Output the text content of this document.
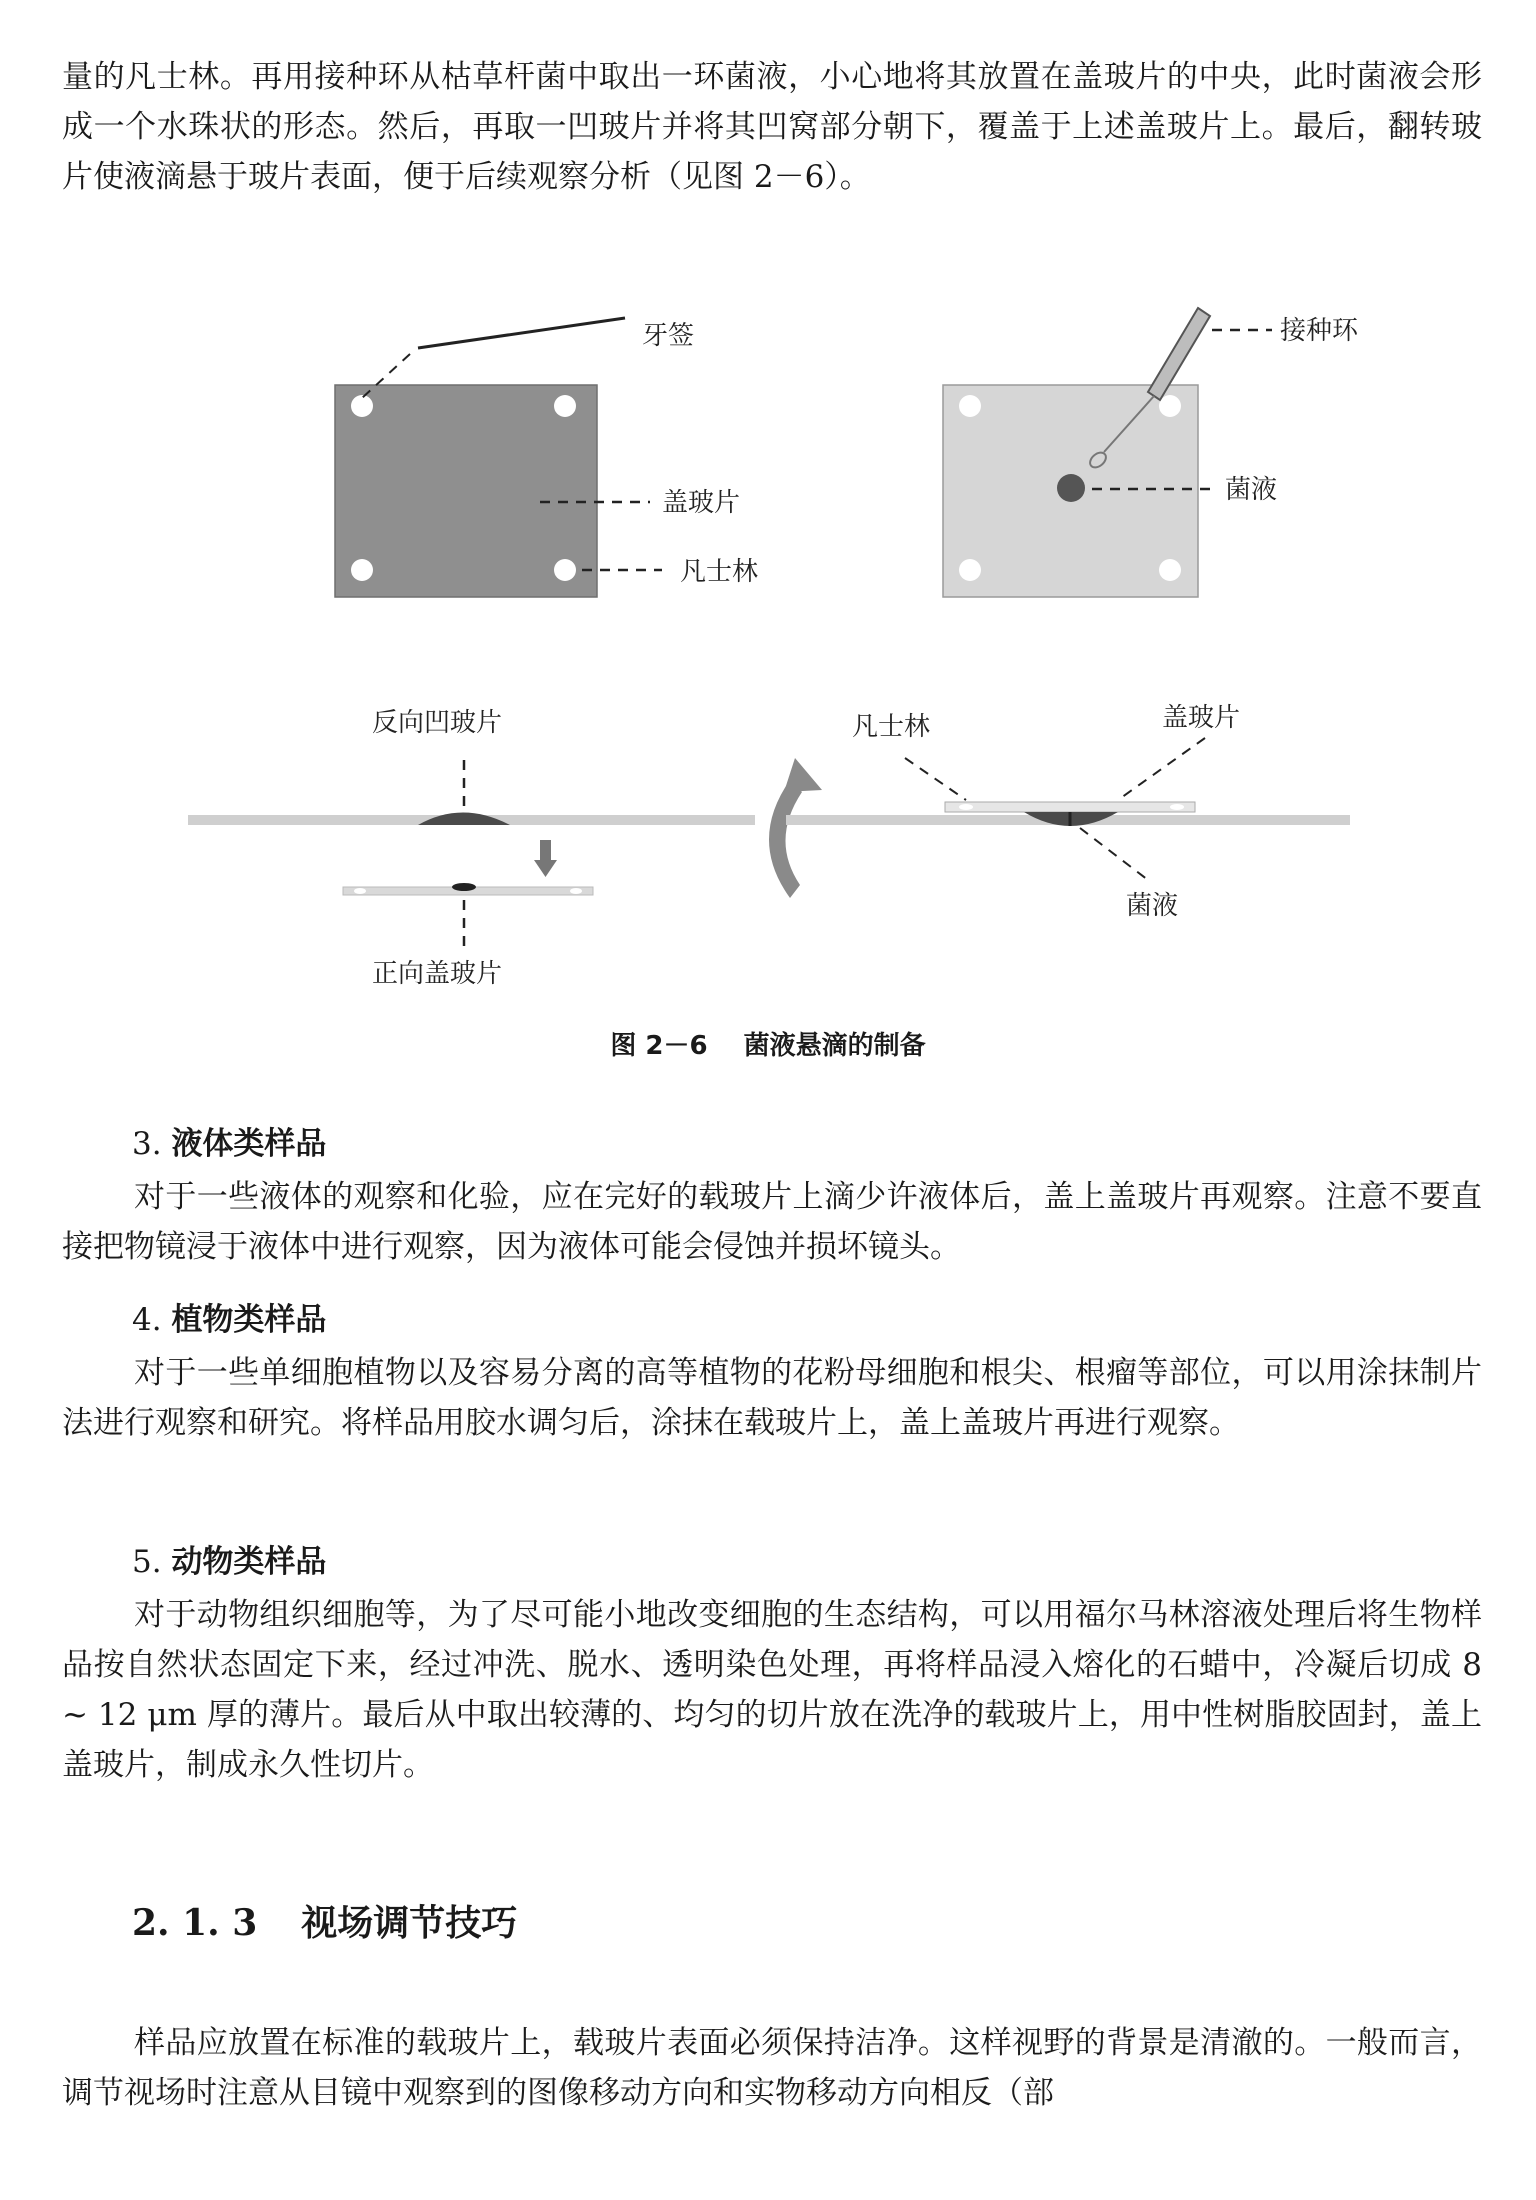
量的凡士林。再用接种环从枯草杆菌中取出一环菌液，小心地将其放置在盖玻片的中央，此时菌液会形成一个水珠状的形态。然后，再取一凹玻片并将其凹窝部分朝下，覆盖于上述盖玻片上。最后，翻转玻片使液滴悬于玻片表面，便于后续观察分析（见图 2－6）。

牙签
盖玻片
凡士林
接种环
菌液
反向凹玻片
正向盖玻片
凡士林	盖玻片
菌液
图 2－6 菌液悬滴的制备

3. 液体类样品

对于一些液体的观察和化验，应在完好的载玻片上滴少许液体后，盖上盖玻片再观察。注意不要直接把物镜浸于液体中进行观察，因为液体可能会侵蚀并损坏镜头。

4. 植物类样品

对于一些单细胞植物以及容易分离的高等植物的花粉母细胞和根尖、根瘤等部位，可以用涂抹制片法进行观察和研究。将样品用胶水调匀后，涂抹在载玻片上，盖上盖玻片再进行观察。

5. 动物类样品

对于动物组织细胞等，为了尽可能小地改变细胞的生态结构，可以用福尔马林溶液处理后将生物样品按自然状态固定下来，经过冲洗、脱水、透明染色处理，再将样品浸入熔化的石蜡中，冷凝后切成 8 ~ 12 μm 厚的薄片。最后从中取出较薄的、均匀的切片放在洗净的载玻片上，用中性树脂胶固封，盖上盖玻片，制成永久性切片。

2. 1. 3 视场调节技巧

样品应放置在标准的载玻片上，载玻片表面必须保持洁净。这样视野的背景是清澈的。一般而言，调节视场时注意从目镜中观察到的图像移动方向和实物移动方向相反（部
